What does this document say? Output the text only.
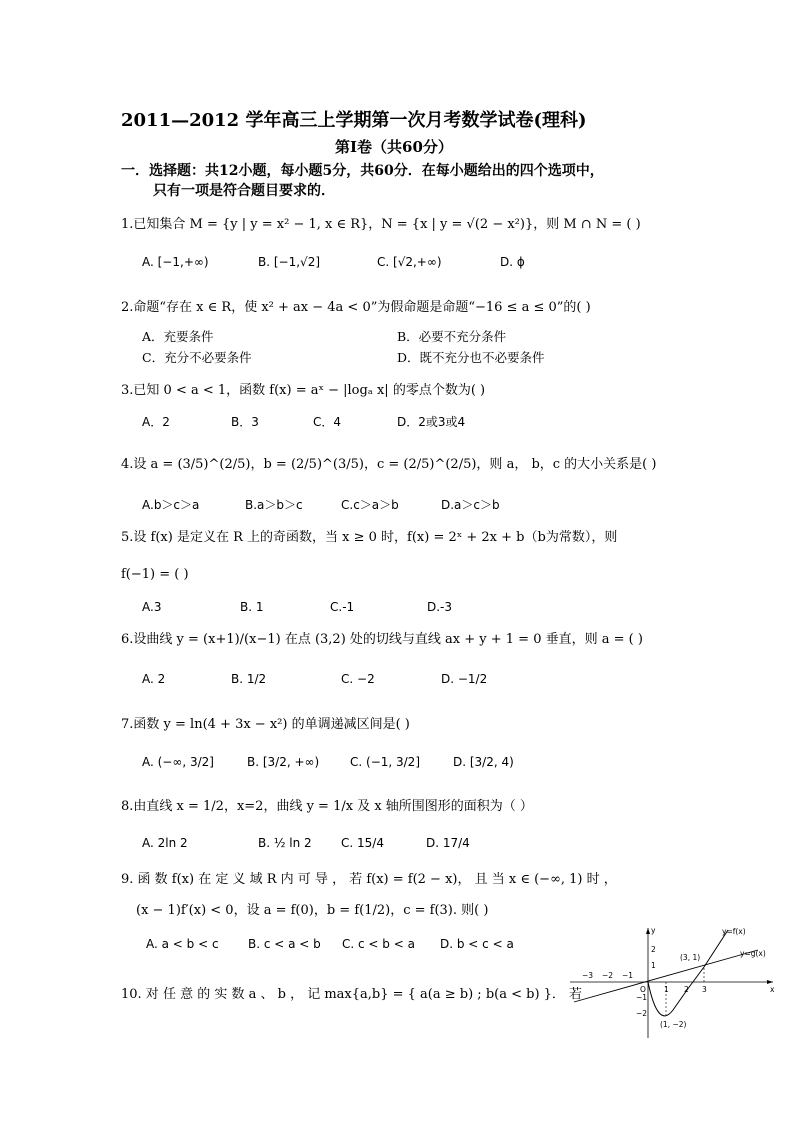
2011—2012 学年高三上学期第一次月考数学试卷(理科)
第Ⅰ卷（共60分）
一．选择题：共12小题，每小题5分，共60分．在每小题给出的四个选项中，
只有一项是符合题目要求的．
1.已知集合 M = {y | y = x² − 1, x ∈ R}，N = {x | y = √(2 − x²)}，则 M ∩ N = ( )
A. [−1,+∞)	B. [−1,√2]	C. [√2,+∞)	D. ϕ
2.命题“存在 x ∈ R，使 x² + ax − 4a < 0”为假命题是命题“−16 ≤ a ≤ 0”的( )
A．充要条件	B．必要不充分条件
C．充分不必要条件	D．既不充分也不必要条件
3.已知 0 < a < 1，函数 f(x) = aˣ − |logₐ x| 的零点个数为( )
A．2	B．3	C．4	D．2或3或4
4.设 a = (3/5)^(2/5)，b = (2/5)^(3/5)，c = (2/5)^(2/5)，则 a， b，c 的大小关系是( )
A.b＞c＞a	B.a＞b＞c	C.c＞a＞b	D.a＞c＞b
5.设 f(x) 是定义在 R 上的奇函数，当 x ≥ 0 时，f(x) = 2ˣ + 2x + b（b为常数），则
f(−1) = ( )
A.3	B. 1	C.-1	D.-3
6.设曲线 y = (x+1)/(x−1) 在点 (3,2) 处的切线与直线 ax + y + 1 = 0 垂直，则 a = ( )
A. 2	B. 1/2	C. −2	D. −1/2
7.函数 y = ln(4 + 3x − x²) 的单调递减区间是( )
A. (−∞, 3/2]	B. [3/2, +∞)	C. (−1, 3/2]	D. [3/2, 4)
8.由直线 x = 1/2，x=2，曲线 y = 1/x 及 x 轴所围图形的面积为（ ）
A. 2ln 2	B. ½ ln 2 C. 15/4	D. 17/4
9. 函 数 f(x) 在 定 义 域 R 内 可 导 ， 若 f(x) = f(2 − x)， 且 当 x ∈ (−∞, 1) 时 ，
(x − 1)f′(x) < 0，设 a = f(0)，b = f(1/2)，c = f(3). 则( )
A. a < b < c B. c < a < b C. c < b < a D. b < c < a
10. 对 任 意 的 实 数 a 、 b ， 记 max{a,b} = { a(a ≥ b) ; b(a < b) }． 若
y
x
y=f(x)
y=g(x)
(3, 1)
(1, −2)
O
−3 −2 −1
1 2 3
2
1
−1
−2
